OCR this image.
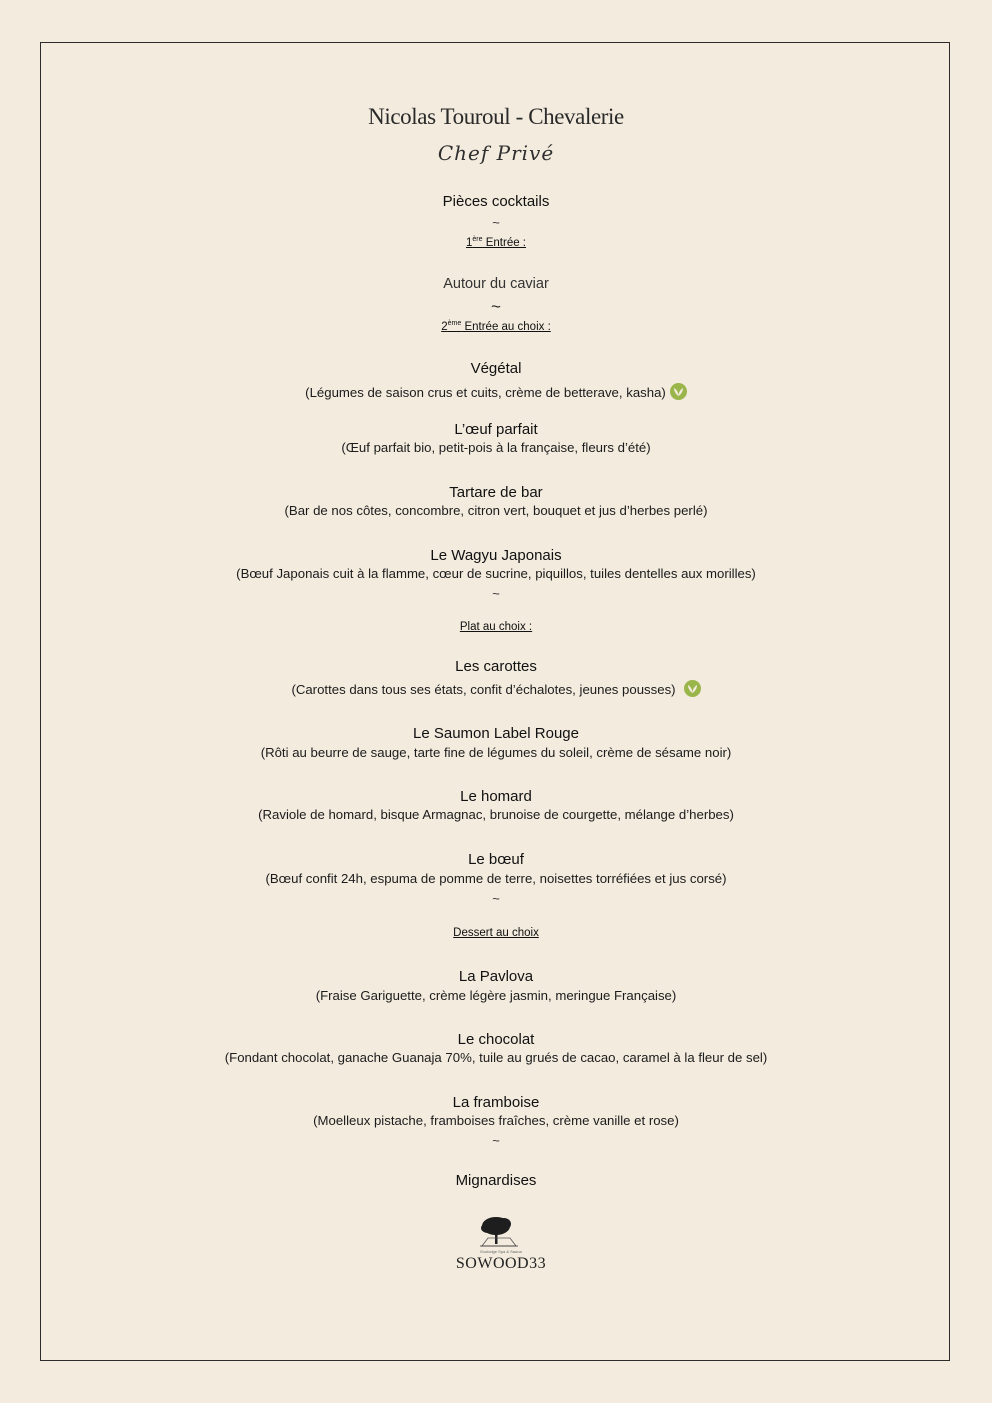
Nicolas Touroul - Chevalerie
Chef Privé
Pièces cocktails
~
1ère Entrée :
Autour du caviar
~
2ème Entrée au choix :
Végétal
(Légumes de saison crus et cuits, crème de betterave, kasha)
L’œuf parfait
(Œuf parfait bio, petit-pois à la française, fleurs d’été)
Tartare de bar
(Bar de nos côtes, concombre, citron vert, bouquet et jus d’herbes perlé)
Le Wagyu Japonais
(Bœuf Japonais cuit à la flamme, cœur de sucrine, piquillos, tuiles dentelles aux morilles)
~
Plat au choix :
Les carottes
(Carottes dans tous ses états, confit d’échalotes, jeunes pousses)
Le Saumon Label Rouge
(Rôti au beurre de sauge, tarte fine de légumes du soleil, crème de sésame noir)
Le homard
(Raviole de homard, bisque Armagnac, brunoise de courgette, mélange d’herbes)
Le bœuf
(Bœuf confit 24h, espuma de pomme de terre, noisettes torréfiées et jus corsé)
~
Dessert au choix
La Pavlova
(Fraise Gariguette, crème légère jasmin, meringue Française)
Le chocolat
(Fondant chocolat, ganache Guanaja 70%, tuile au grués de cacao, caramel à la fleur de sel)
La framboise
(Moelleux pistache, framboises fraîches, crème vanille et rose)
~
Mignardises
Ecolodge Spa & Sauna
SOWOOD33
